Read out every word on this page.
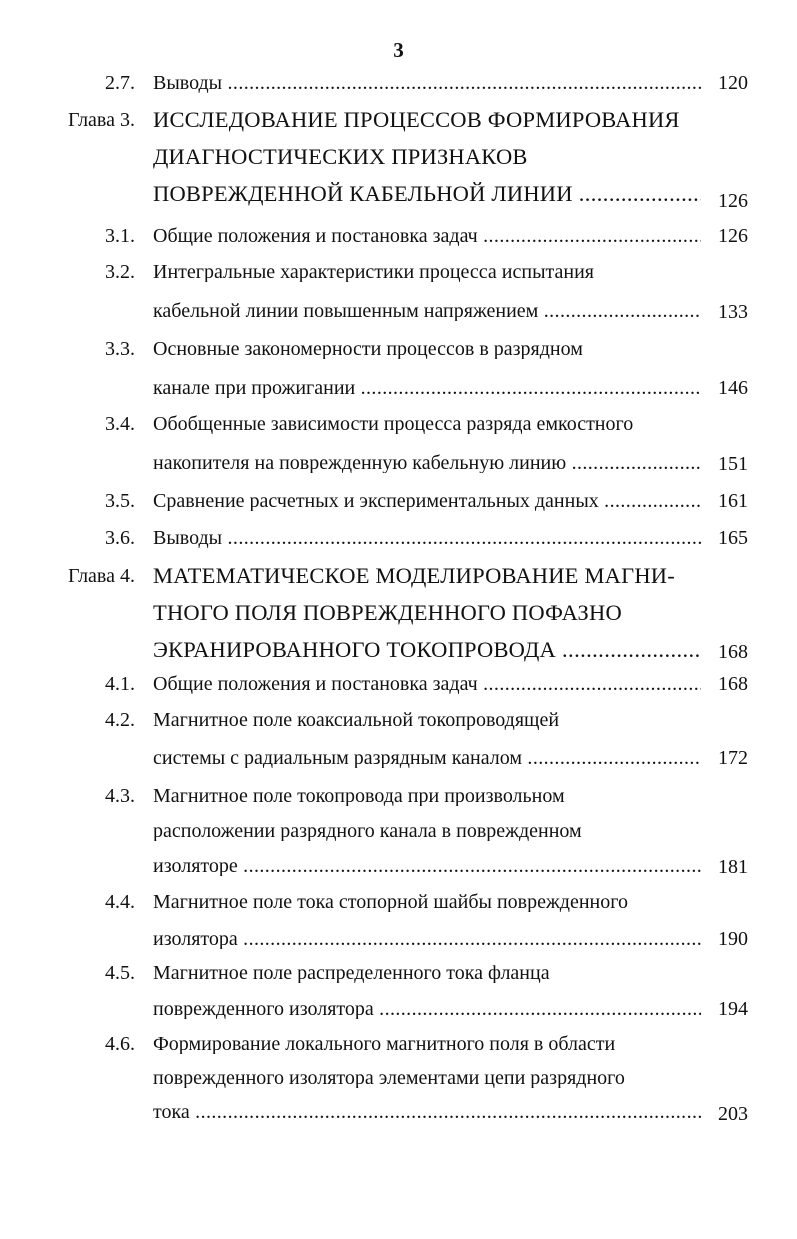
3
2.7. Выводы .....	120
Глава 3. ИССЛЕДОВАНИЕ ПРОЦЕССОВ ФОРМИРОВАНИЯ
ДИАГНОСТИЧЕСКИХ ПРИЗНАКОВ
ПОВРЕЖДЕННОЙ КАБЕЛЬНОЙ ЛИНИИ .....	126
3.1. Общие положения и постановка задач .....	126
3.2. Интегральные характеристики процесса испытания
кабельной линии повышенным напряжением .....	133
3.3. Основные закономерности процессов в разрядном
канале при прожигании .....	146
3.4. Обобщенные зависимости процесса разряда емкостного
накопителя на поврежденную кабельную линию .....	151
3.5. Сравнение расчетных и экспериментальных данных .....	161
3.6. Выводы .....	165
Глава 4. МАТЕМАТИЧЕСКОЕ МОДЕЛИРОВАНИЕ МАГНИ-
ТНОГО ПОЛЯ ПОВРЕЖДЕННОГО ПОФАЗНО
ЭКРАНИРОВАННОГО ТОКОПРОВОДА .....	168
4.1. Общие положения и постановка задач .....	168
4.2. Магнитное поле коаксиальной токопроводящей
системы с радиальным разрядным каналом .....	172
4.3. Магнитное поле токопровода при произвольном
расположении разрядного канала в поврежденном
изоляторе .....	181
4.4. Магнитное поле тока стопорной шайбы поврежденного
изолятора .....	190
4.5. Магнитное поле распределенного тока фланца
поврежденного изолятора .....	194
4.6. Формирование локального магнитного поля в области
поврежденного изолятора элементами цепи разрядного
тока .....	203
